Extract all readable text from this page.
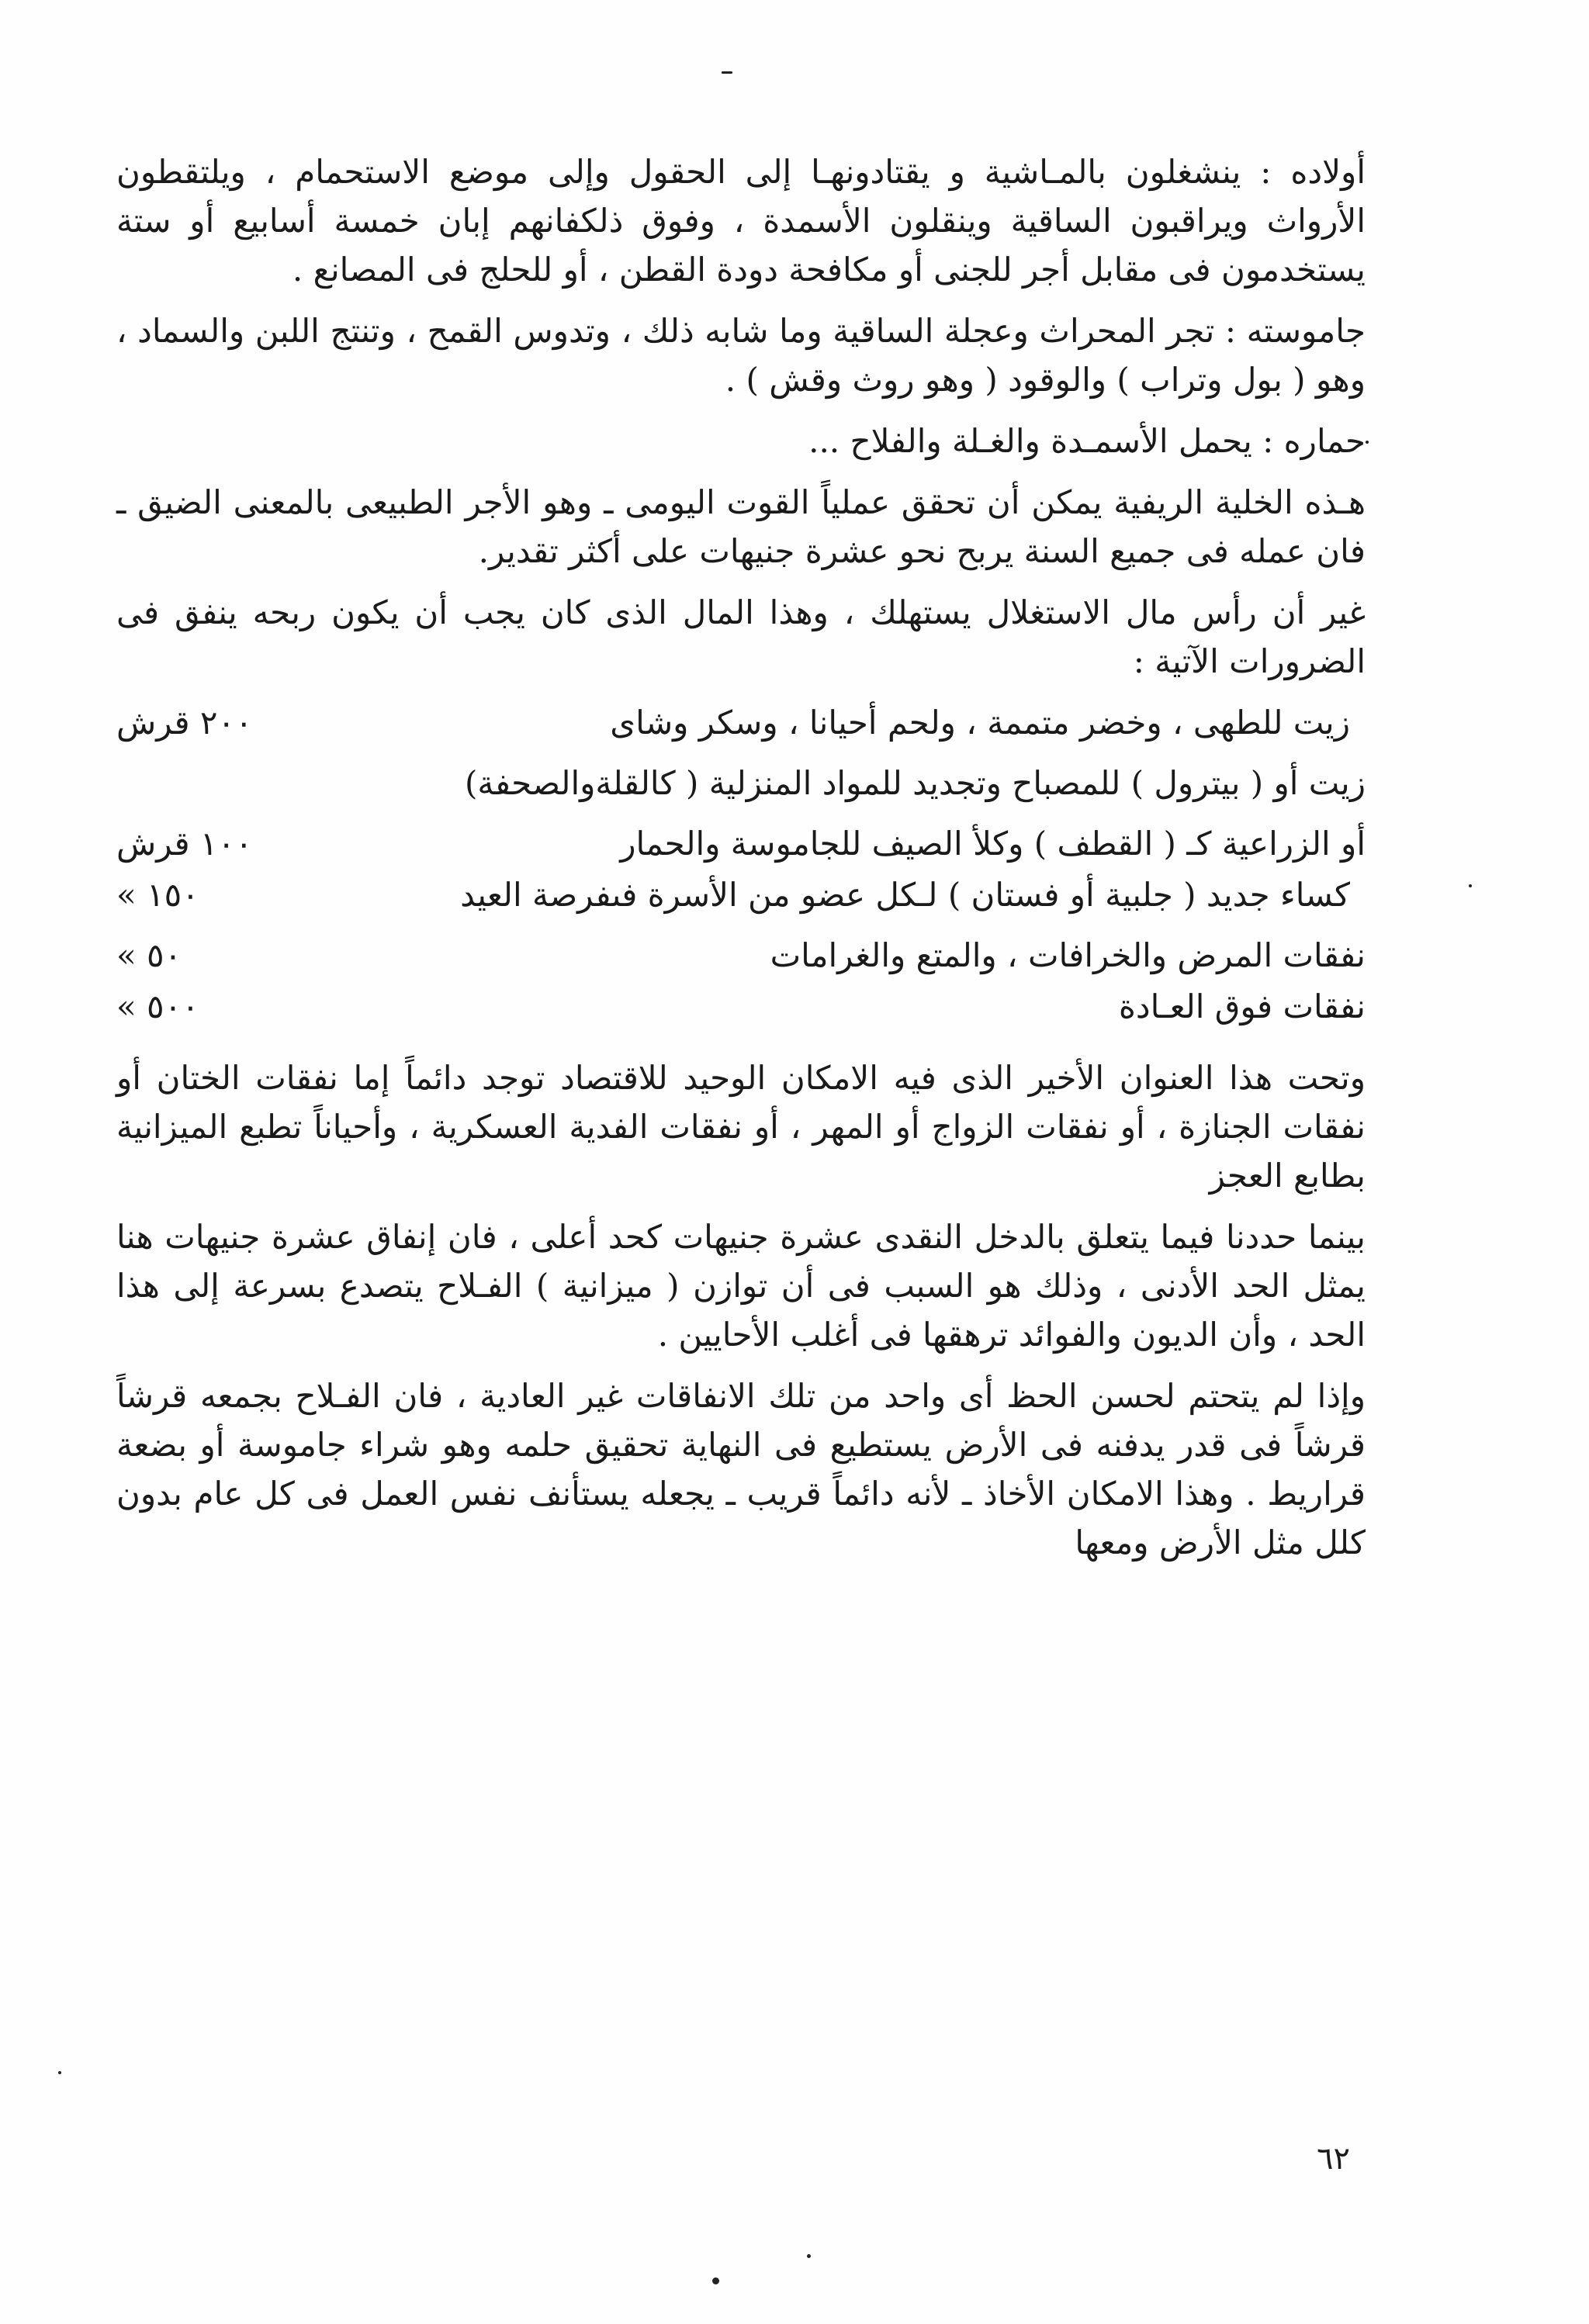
أولاده : ينشغلون بالمـاشية و يقتادونهـا إلى الحقول وإلى موضع الاستحمام ، ويلتقطون الأرواث ويراقبون الساقية وينقلون الأسمدة ، وفوق ذلكفانهم إبان خمسة أسابيع أو ستة يستخدمون فى مقابل أجر للجنى أو مكافحة دودة القطن ، أو للحلج فى المصانع .

جاموسته : تجر المحراث وعجلة الساقية وما شابه ذلك ، وتدوس القمح ، وتنتج اللبن والسماد ، وهو ( بول وتراب ) والوقود ( وهو روث وقش ) .

حماره : يحمل الأسمـدة والغـلة والفلاح ...

هـذه الخلية الريفية يمكن أن تحقق عملياً القوت اليومى ـ وهو الأجر الطبيعى بالمعنى الضيق ـ فان عمله فى جميع السنة يربح نحو عشرة جنيهات على أكثر تقدير.

غير أن رأس مال الاستغلال يستهلك ، وهذا المال الذى كان يجب أن يكون ربحه ينفق فى الضرورات الآتية :

زيت للطهى ، وخضر متممة ، ولحم أحيانا ، وسكر وشاى
٢٠٠ قرش
زيت أو ( بيترول ) للمصباح وتجديد للمواد المنزلية ( كالقلةوالصحفة)
أو الزراعية كـ ( القطف ) وكلأ الصيف للجاموسة والحمار
١٠٠ قرش
كساء جديد ( جلبية أو فستان ) لـكل عضو من الأسرة فىفرصة العيد
١٥٠ »
نفقات المرض والخرافات ، والمتع والغرامات
٥٠ »
نفقات فوق العـادة
٥٠٠ »

وتحت هذا العنوان الأخير الذى فيه الامكان الوحيد للاقتصاد توجد دائماً إما نفقات الختان أو نفقات الجنازة ، أو نفقات الزواج أو المهر ، أو نفقات الفدية العسكرية ، وأحياناً تطبع الميزانية بطابع العجز

بينما حددنا فيما يتعلق بالدخل النقدى عشرة جنيهات كحد أعلى ، فان إنفاق عشرة جنيهات هنا يمثل الحد الأدنى ، وذلك هو السبب فى أن توازن ( ميزانية ) الفـلاح يتصدع بسرعة إلى هذا الحد ، وأن الديون والفوائد ترهقها فى أغلب الأحايين .

وإذا لم يتحتم لحسن الحظ أى واحد من تلك الانفاقات غير العادية ، فان الفـلاح بجمعه قرشاً قرشاً فى قدر يدفنه فى الأرض يستطيع فى النهاية تحقيق حلمه وهو شراء جاموسة أو بضعة قراريط . وهذا الامكان الأخاذ ـ لأنه دائماً قريب ـ يجعله يستأنف نفس العمل فى كل عام بدون كلل مثل الأرض ومعها

٦٢
